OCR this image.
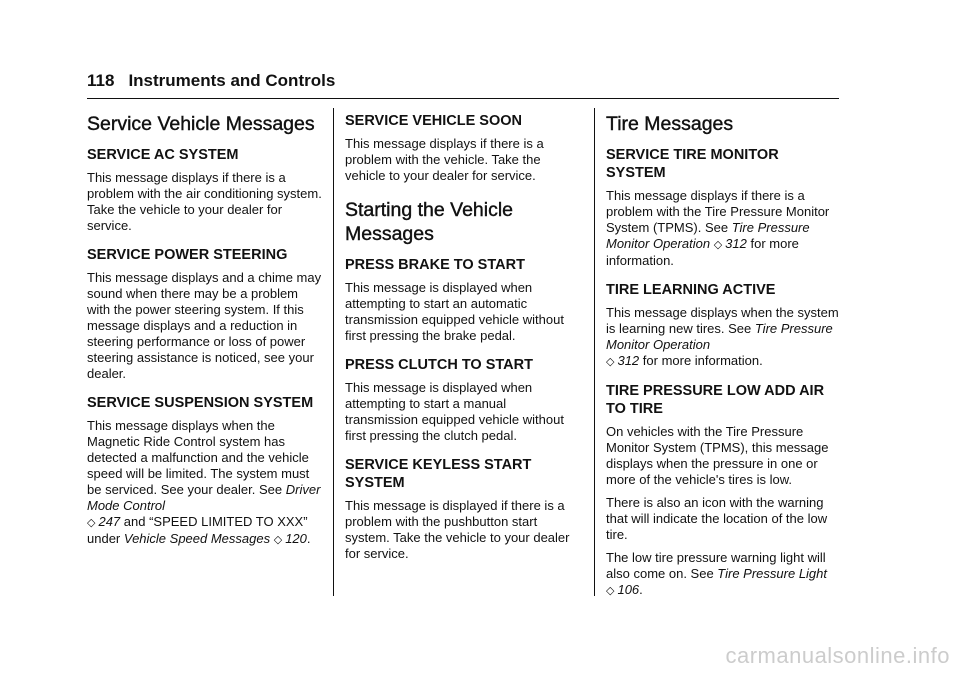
118 Instruments and Controls
Service Vehicle Messages
SERVICE AC SYSTEM

This message displays if there is a problem with the air conditioning system. Take the vehicle to your dealer for service.

SERVICE POWER STEERING

This message displays and a chime may sound when there may be a problem with the power steering system. If this message displays and a reduction in steering performance or loss of power steering assistance is noticed, see your dealer.

SERVICE SUSPENSION SYSTEM

This message displays when the Magnetic Ride Control system has detected a malfunction and the vehicle speed will be limited. The system must be serviced. See your dealer. See Driver Mode Control
◇ 247 and “SPEED LIMITED TO XXX” under Vehicle Speed Messages ◇ 120.

SERVICE VEHICLE SOON

This message displays if there is a problem with the vehicle. Take the vehicle to your dealer for service.

Starting the Vehicle Messages
PRESS BRAKE TO START

This message is displayed when attempting to start an automatic transmission equipped vehicle without first pressing the brake pedal.

PRESS CLUTCH TO START

This message is displayed when attempting to start a manual transmission equipped vehicle without first pressing the clutch pedal.

SERVICE KEYLESS START SYSTEM

This message is displayed if there is a problem with the pushbutton start system. Take the vehicle to your dealer for service.

Tire Messages
SERVICE TIRE MONITOR SYSTEM

This message displays if there is a problem with the Tire Pressure Monitor System (TPMS). See Tire Pressure Monitor Operation ◇ 312 for more information.

TIRE LEARNING ACTIVE

This message displays when the system is learning new tires. See Tire Pressure Monitor Operation
◇ 312 for more information.

TIRE PRESSURE LOW ADD AIR TO TIRE

On vehicles with the Tire Pressure Monitor System (TPMS), this message displays when the pressure in one or more of the vehicle's tires is low.

There is also an icon with the warning that will indicate the location of the low tire.

The low tire pressure warning light will also come on. See Tire Pressure Light ◇ 106.

carmanualsonline.info
